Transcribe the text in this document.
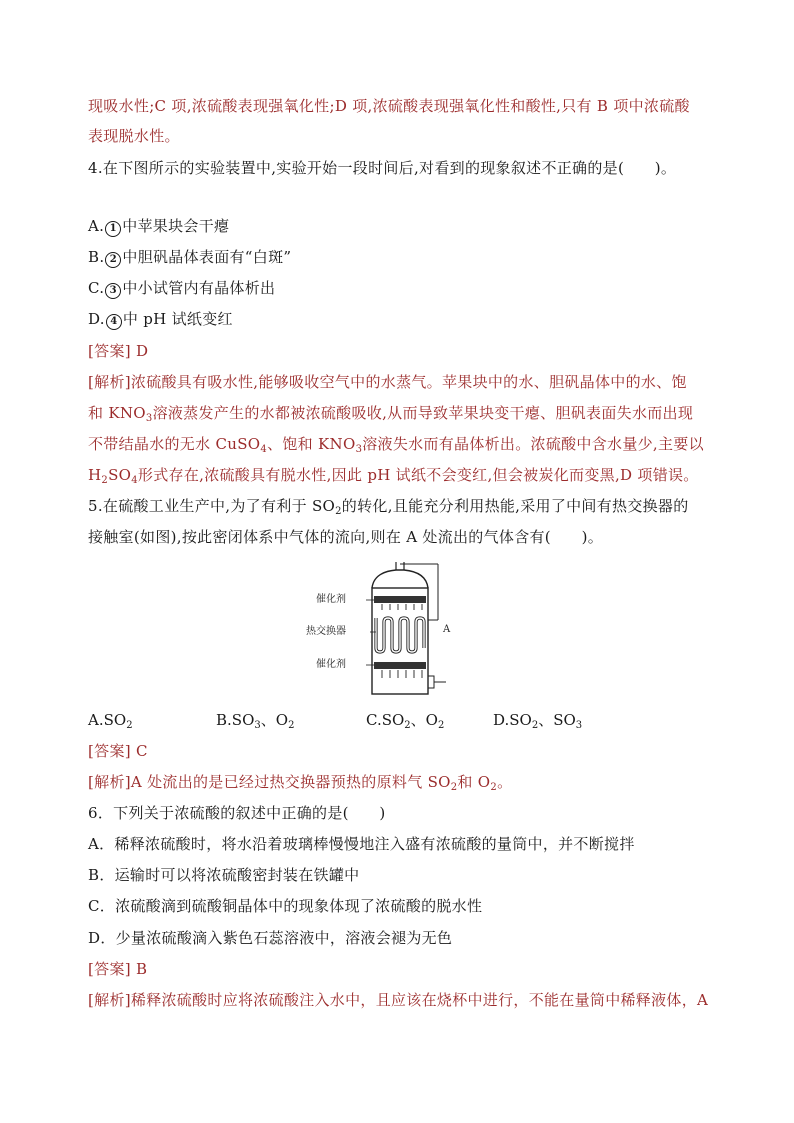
现吸水性;C 项,浓硫酸表现强氧化性;D 项,浓硫酸表现强氧化性和酸性,只有 B 项中浓硫酸
表现脱水性。
4.在下图所示的实验装置中,实验开始一段时间后,对看到的现象叙述不正确的是(　　)。
A. 1 中苹果块会干瘪
B. 2 中胆矾晶体表面有“白斑”
C. 3 中小试管内有晶体析出
D. 4 中 pH 试纸变红
[答案] D
[解析]浓硫酸具有吸水性,能够吸收空气中的水蒸气。苹果块中的水、胆矾晶体中的水、饱
和 $KNO_3$溶液蒸发产生的水都被浓硫酸吸收,从而导致苹果块变干瘪、胆矾表面失水而出现
不带结晶水的无水 CuSO$_4$、饱和 $KNO_3$溶液失水而有晶体析出。浓硫酸中含水量少,主要以
$H_2SO_4$形式存在,浓硫酸具有脱水性,因此 pH 试纸不会变红,但会被炭化而变黑,D 项错误。
5.在硫酸工业生产中,为了有利于 $SO_2$的转化,且能充分利用热能,采用了中间有热交换器的
接触室(如图),按此密闭体系中气体的流向,则在 A 处流出的气体含有(　　)。
催化剂
热交换器
催化剂
A
$A.SO_2$	$B.SO_3$、$O_2$	$C.SO_2$、$O_2$	$D.SO_2$、$SO_3$
[答案] C
[解析]A 处流出的是已经过热交换器预热的原料气 $SO_2$和 $O_2$。
6．下列关于浓硫酸的叙述中正确的是(　　)
A．稀释浓硫酸时，将水沿着玻璃棒慢慢地注入盛有浓硫酸的量筒中，并不断搅拌
B．运输时可以将浓硫酸密封装在铁罐中
C．浓硫酸滴到硫酸铜晶体中的现象体现了浓硫酸的脱水性
D．少量浓硫酸滴入紫色石蕊溶液中，溶液会褪为无色
[答案] B
[解析]稀释浓硫酸时应将浓硫酸注入水中，且应该在烧杯中进行，不能在量筒中稀释液体，A
